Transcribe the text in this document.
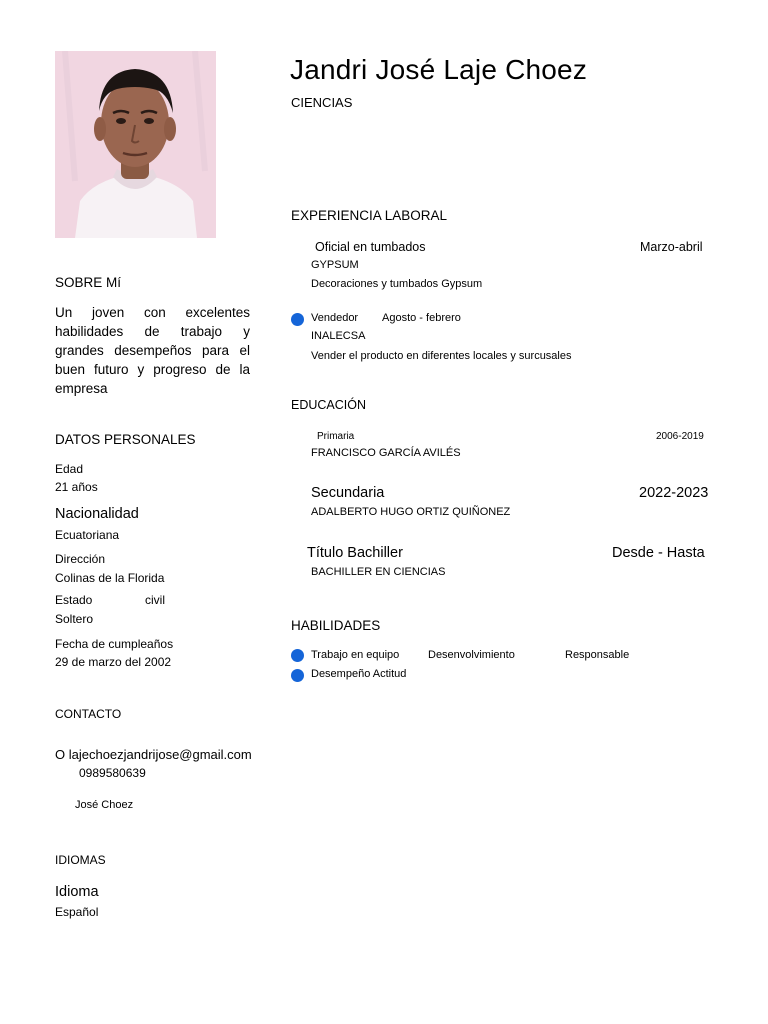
Jandri José Laje Choez
CIENCIAS
SOBRE Mí
Un joven con excelentes habilidades de trabajo y grandes desempeños para el buen futuro y progreso de la empresa
DATOS PERSONALES
Edad
21 años
Nacionalidad
Ecuatoriana
Dirección
Colinas de la Florida
Estado	civil
Soltero
Fecha de cumpleaños
29 de marzo del 2002
CONTACTO
O lajechoezjandrijose@gmail.com
0989580639
José Choez
IDIOMAS
Idioma
Español
EXPERIENCIA LABORAL
Oficial en tumbados	Marzo-abril
GYPSUM
Decoraciones y tumbados Gypsum
Vendedor Agosto - febrero
INALECSA
Vender el producto en diferentes locales y surcusales
EDUCACIÓN
Primaria	2006-2019
FRANCISCO GARCÍA AVILÉS
Secundaria	2022-2023
ADALBERTO HUGO ORTIZ QUIÑONEZ
Título Bachiller	Desde - Hasta
BACHILLER EN CIENCIAS
HABILIDADES
Trabajo en equipo	Desenvolvimiento	Responsable
Desempeño Actitud
